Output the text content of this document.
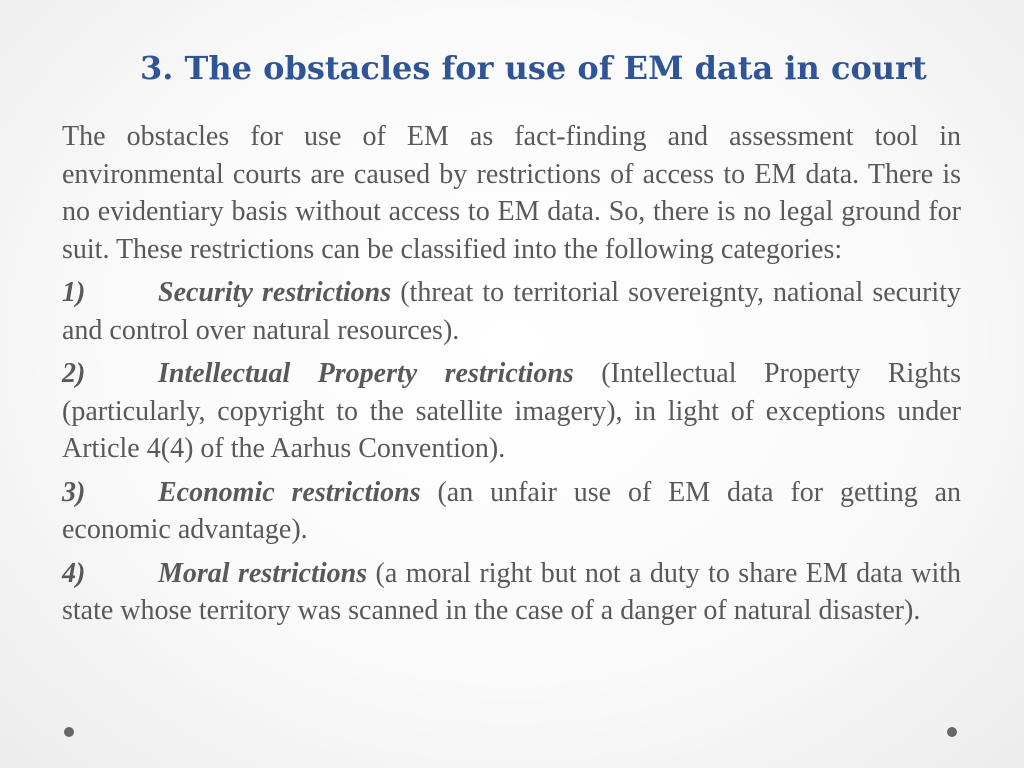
3. The obstacles for use of EM data in court

The obstacles for use of EM as fact-finding and assessment tool in environmental courts are caused by restrictions of access to EM data. There is no evidentiary basis without access to EM data. So, there is no legal ground for suit. These restrictions can be classified into the following categories:

1)	Security restrictions (threat to territorial sovereignty, national security and control over natural resources).

2)	Intellectual Property restrictions (Intellectual Property Rights (particularly, copyright to the satellite imagery), in light of exceptions under Article 4(4) of the Aarhus Convention).

3)	Economic restrictions (an unfair use of EM data for getting an economic advantage).

4)	Moral restrictions (a moral right but not a duty to share EM data with state whose territory was scanned in the case of a danger of natural disaster).
